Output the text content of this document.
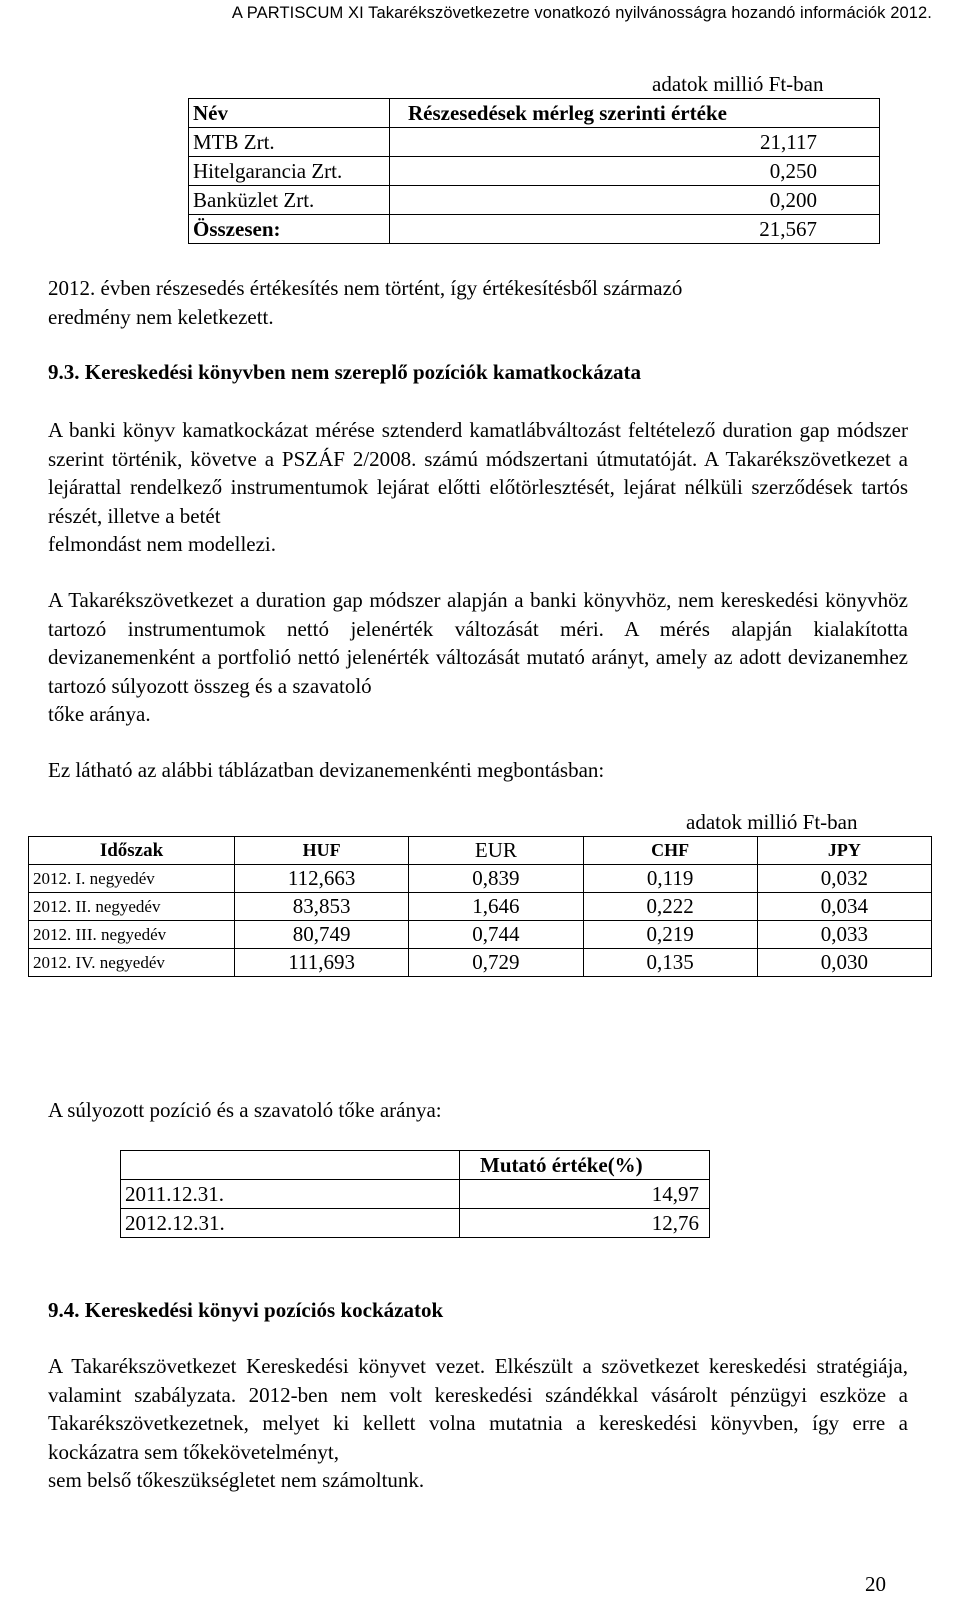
A PARTISCUM XI Takarékszövetkezetre vonatkozó nyilvánosságra hozandó információk 2012.
adatok millió Ft-ban
Név	Részesedések mérleg szerinti értéke
MTB Zrt.	21,117
Hitelgarancia Zrt.	0,250
Banküzlet Zrt.	0,200
Összesen:	21,567
2012. évben részesedés értékesítés nem történt, így értékesítésből származó
eredmény nem keletkezett.
9.3. Kereskedési könyvben nem szereplő pozíciók kamatkockázata
A banki könyv kamatkockázat mérése sztenderd kamatlábváltozást feltételező duration gap módszer szerint történik, követve a PSZÁF 2/2008. számú módszertani útmutatóját. A Takarékszövetkezet a lejárattal rendelkező instrumentumok lejárat előtti előtörlesztését, lejárat nélküli szerződések tartós részét, illetve a betét
felmondást nem modellezi.
A Takarékszövetkezet a duration gap módszer alapján a banki könyvhöz, nem kereskedési könyvhöz tartozó instrumentumok nettó jelenérték változását méri. A mérés alapján kialakította devizanemenként a portfolió nettó jelenérték változását mutató arányt, amely az adott devizanemhez tartozó súlyozott összeg és a szavatoló
tőke aránya.
Ez látható az alábbi táblázatban devizanemenkénti megbontásban:
adatok millió Ft-ban
Időszak	HUF	EUR	CHF	JPY
2012. I. negyedév	112,663	0,839	0,119	0,032
2012. II. negyedév	83,853	1,646	0,222	0,034
2012. III. negyedév	80,749	0,744	0,219	0,033
2012. IV. negyedév	111,693	0,729	0,135	0,030
A súlyozott pozíció és a szavatoló tőke aránya:
	Mutató értéke(%)
2011.12.31.	14,97
2012.12.31.	12,76
9.4. Kereskedési könyvi pozíciós kockázatok
A Takarékszövetkezet Kereskedési könyvet vezet. Elkészült a szövetkezet kereskedési stratégiája, valamint szabályzata. 2012-ben nem volt kereskedési szándékkal vásárolt pénzügyi eszköze a Takarékszövetkezetnek, melyet ki kellett volna mutatnia a kereskedési könyvben, így erre a kockázatra sem tőkekövetelményt,
sem belső tőkeszükségletet nem számoltunk.
20
